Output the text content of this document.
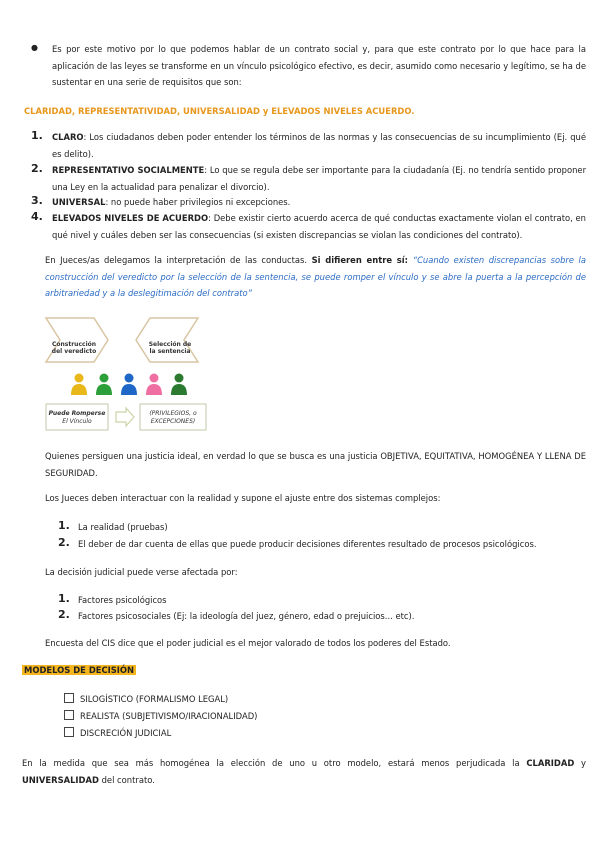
● Es por este motivo por lo que podemos hablar de un contrato social y, para que este contrato por lo que hace para la aplicación de las leyes se transforme en un vínculo psicológico efectivo, es decir, asumido como necesario y legítimo, se ha de sustentar en una serie de requisitos que son:
CLARIDAD, REPRESENTATIVIDAD, UNIVERSALIDAD y ELEVADOS NIVELES ACUERDO.
1. CLARO: Los ciudadanos deben poder entender los términos de las normas y las consecuencias de su incumplimiento (Ej. qué es delito).
2. REPRESENTATIVO SOCIALMENTE: Lo que se regula debe ser importante para la ciudadanía (Ej. no tendría sentido proponer una Ley en la actualidad para penalizar el divorcio).
3. UNIVERSAL: no puede haber privilegios ni excepciones.
4. ELEVADOS NIVELES DE ACUERDO: Debe existir cierto acuerdo acerca de qué conductas exactamente violan el contrato, en qué nivel y cuáles deben ser las consecuencias (si existen discrepancias se violan las condiciones del contrato).
En Jueces/as delegamos la interpretación de las conductas. Si difieren entre sí: “Cuando existen discrepancias sobre la construcción del veredicto por la selección de la sentencia, se puede romper el vínculo y se abre la puerta a la percepción de arbitrariedad y a la deslegitimación del contrato”
Construcción
del veredicto
Selección de
la sentencia
Puede Romperse
El Vínculo
(PRIVILEGIOS, o
EXCEPCIONES)
Quienes persiguen una justicia ideal, en verdad lo que se busca es una justicia OBJETIVA, EQUITATIVA, HOMOGÉNEA Y LLENA DE SEGURIDAD.
Los Jueces deben interactuar con la realidad y supone el ajuste entre dos sistemas complejos:
1. La realidad (pruebas)
2. El deber de dar cuenta de ellas que puede producir decisiones diferentes resultado de procesos psicológicos.
La decisión judicial puede verse afectada por:
1. Factores psicológicos
2. Factores psicosociales (Ej: la ideología del juez, género, edad o prejuicios... etc).
Encuesta del CIS dice que el poder judicial es el mejor valorado de todos los poderes del Estado.
MODELOS DE DECISIÓN
SILOGÍSTICO (FORMALISMO LEGAL)
REALISTA (SUBJETIVISMO/IRACIONALIDAD)
DISCRECIÓN JUDICIAL
En la medida que sea más homogénea la elección de uno u otro modelo, estará menos perjudicada la CLARIDAD y UNIVERSALIDAD del contrato.
